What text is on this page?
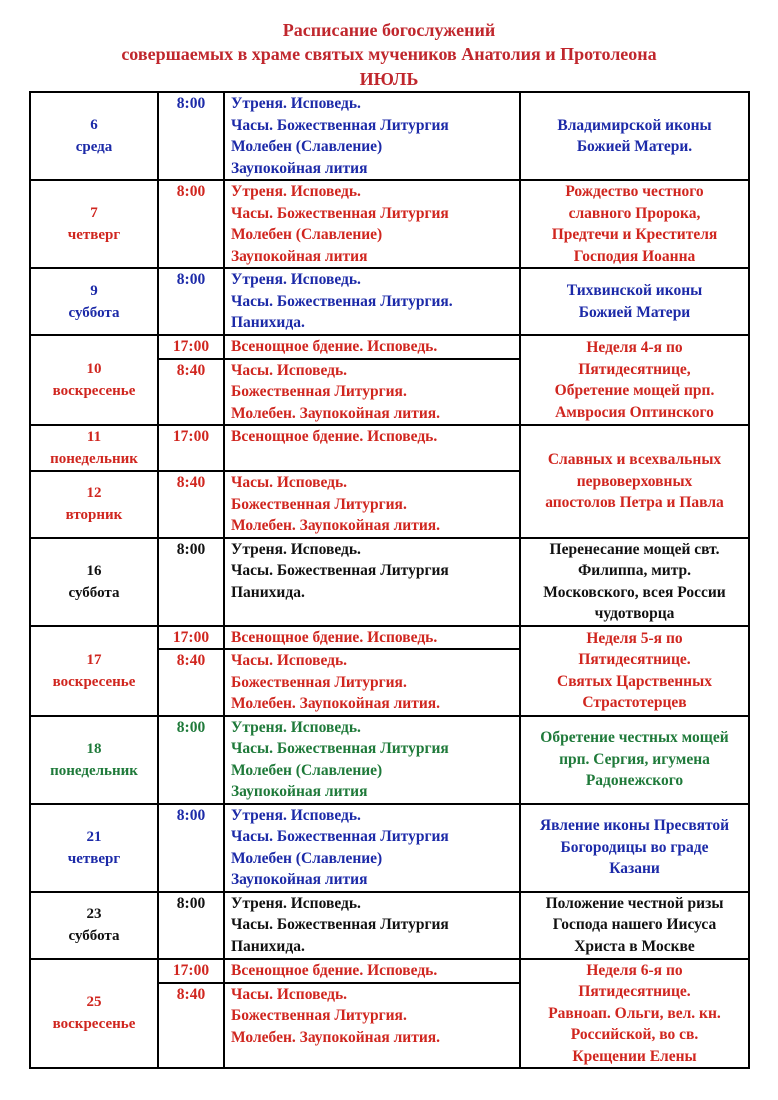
Расписание богослужений
совершаемых в храме святых мучеников Анатолия и Протолеона
ИЮЛЬ
6
среда	8:00	Утреня. Исповедь.
Часы. Божественная Литургия
Молебен (Славление)
Заупокойная лития	Владимирской иконы
Божией Матери.

7
четверг	8:00	Утреня. Исповедь.
Часы. Божественная Литургия
Молебен (Славление)
Заупокойная лития	Рождество честного
славного Пророка,
Предтечи и Крестителя
Господия Иоанна

9
суббота	8:00	Утреня. Исповедь.
Часы. Божественная Литургия.
Панихида.	Тихвинской иконы
Божией Матери

10
воскресенье	17:00	Всенощное бдение. Исповедь.	Неделя 4-я по
Пятидесятнице,
Обретение мощей прп.
Амвросия Оптинского

	8:40	Часы. Исповедь.
Божественная Литургия.
Молебен. Заупокойная лития.	

11
понедельник	17:00	Всенощное бдение. Исповедь.	Славных и всехвальных
первоверховных
апостолов Петра и Павла

12
вторник	8:40	Часы. Исповедь.
Божественная Литургия.
Молебен. Заупокойная лития.	

16
суббота	8:00	Утреня. Исповедь.
Часы. Божественная Литургия
Панихида.	Перенесание мощей свт.
Филиппа, митр.
Московского, всея России
чудотворца

17
воскресенье	17:00	Всенощное бдение. Исповедь.	Неделя 5-я по
Пятидесятнице.
Святых Царственных
Страстотерцев

	8:40	Часы. Исповедь.
Божественная Литургия.
Молебен. Заупокойная лития.	

18
понедельник	8:00	Утреня. Исповедь.
Часы. Божественная Литургия
Молебен (Славление)
Заупокойная лития	Обретение честных мощей
прп. Сергия, игумена
Радонежского

21
четверг	8:00	Утреня. Исповедь.
Часы. Божественная Литургия
Молебен (Славление)
Заупокойная лития	Явление иконы Пресвятой
Богородицы во граде
Казани

23
суббота	8:00	Утреня. Исповедь.
Часы. Божественная Литургия
Панихида.	Положение честной ризы
Господа нашего Иисуса
Христа в Москве

25
воскресенье	17:00	Всенощное бдение. Исповедь.	Неделя 6-я по
Пятидесятнице.
Равноап. Ольги, вел. кн.
Российской, во св.
Крещении Елены

	8:40	Часы. Исповедь.
Божественная Литургия.
Молебен. Заупокойная лития.	
